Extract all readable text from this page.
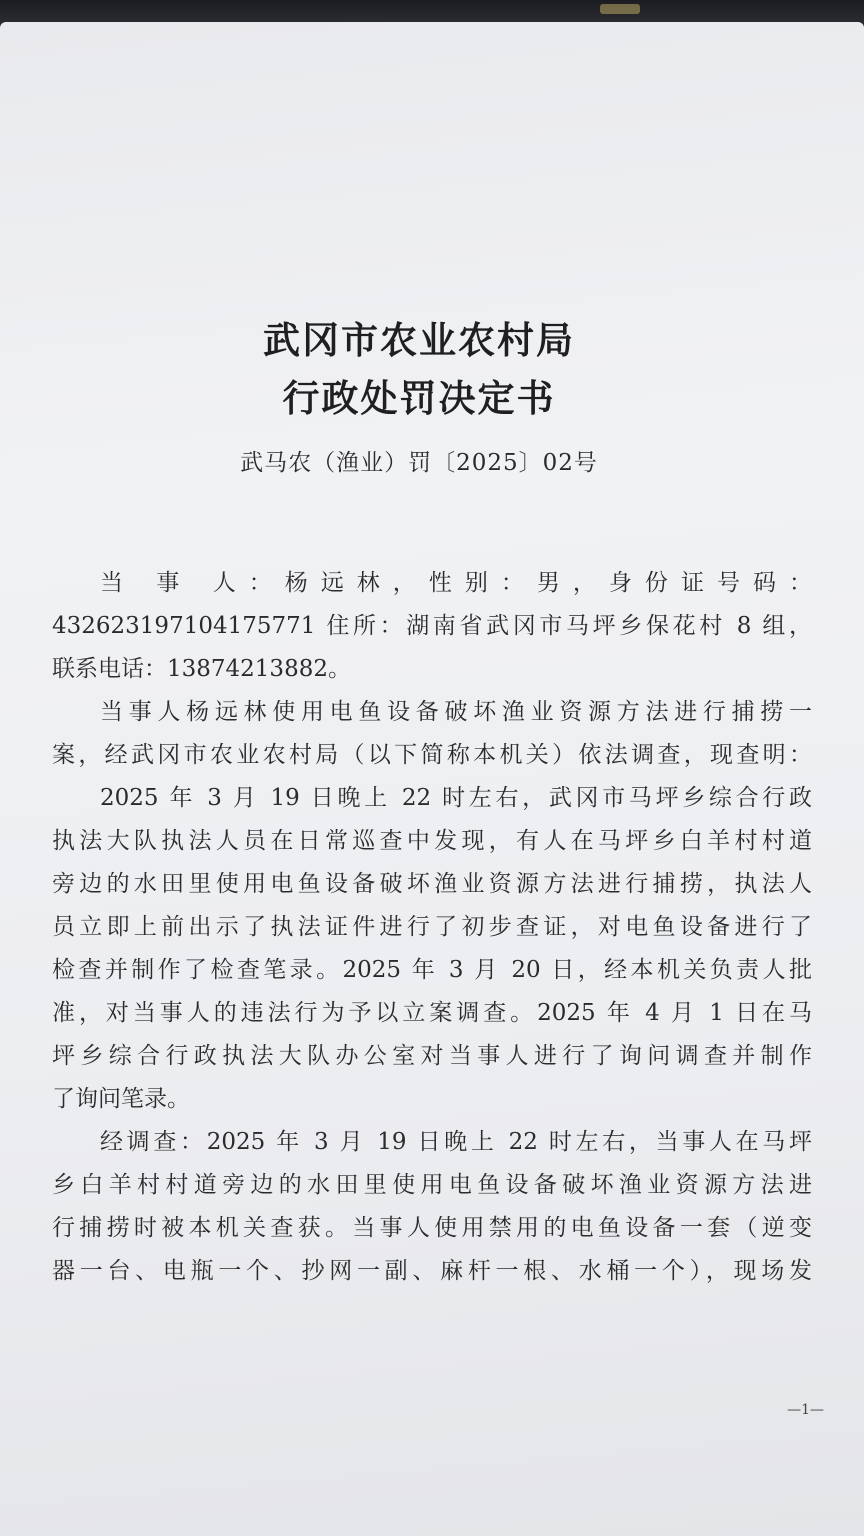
武冈市农业农村局
行政处罚决定书
武马农（渔业）罚〔2025〕02号
当 事 人：杨远林，性别：男，身份证号码：
432623197104175771 住所：湖南省武冈市马坪乡保花村 8 组，
联系电话：13874213882。
当事人杨远林使用电鱼设备破坏渔业资源方法进行捕捞一
案，经武冈市农业农村局（以下简称本机关）依法调查，现查明：
2025 年 3 月 19 日晚上 22 时左右，武冈市马坪乡综合行政
执法大队执法人员在日常巡查中发现，有人在马坪乡白羊村村道
旁边的水田里使用电鱼设备破坏渔业资源方法进行捕捞，执法人
员立即上前出示了执法证件进行了初步查证，对电鱼设备进行了
检查并制作了检查笔录。2025 年 3 月 20 日，经本机关负责人批
准，对当事人的违法行为予以立案调查。2025 年 4 月 1 日在马
坪乡综合行政执法大队办公室对当事人进行了询问调查并制作
了询问笔录。
经调查：2025 年 3 月 19 日晚上 22 时左右，当事人在马坪
乡白羊村村道旁边的水田里使用电鱼设备破坏渔业资源方法进
行捕捞时被本机关查获。当事人使用禁用的电鱼设备一套（逆变
器一台、电瓶一个、抄网一副、麻杆一根、水桶一个），现场发
—1—
